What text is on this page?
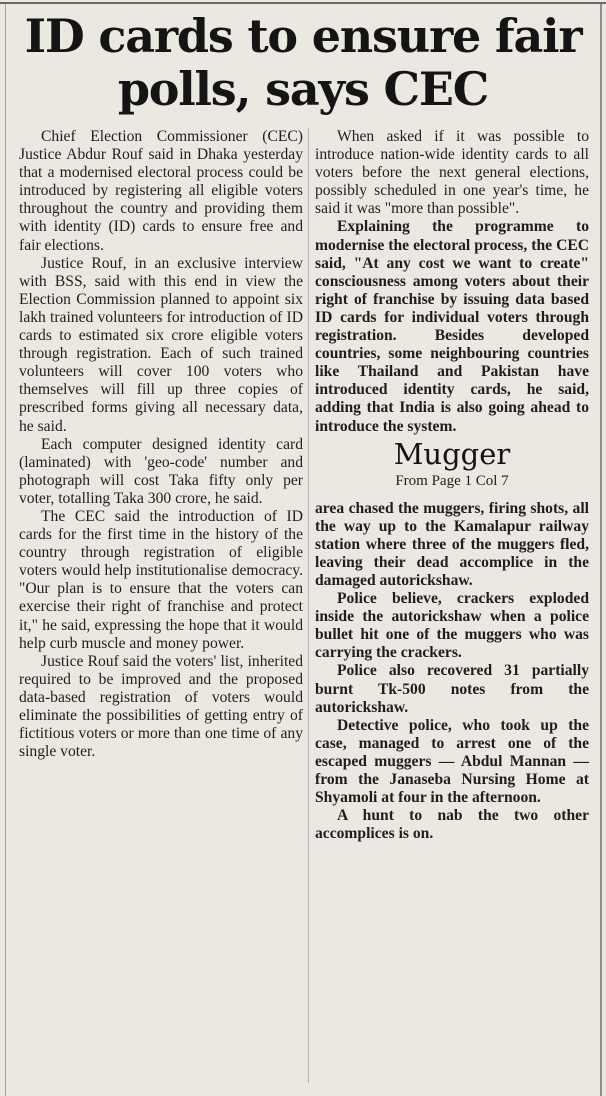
ID cards to ensure fair polls, says CEC

Chief Election Commissioner (CEC) Justice Abdur Rouf said in Dhaka yesterday that a modernised electoral process could be introduced by registering all eligible voters throughout the country and providing them with identity (ID) cards to ensure free and fair elections.

Justice Rouf, in an exclusive interview with BSS, said with this end in view the Election Commission planned to appoint six lakh trained volunteers for introduction of ID cards to estimated six crore eligible voters through registration. Each of such trained volunteers will cover 100 voters who themselves will fill up three copies of prescribed forms giving all necessary data, he said.

Each computer designed identity card (laminated) with 'geo-code' number and photograph will cost Taka fifty only per voter, totalling Taka 300 crore, he said.

The CEC said the introduction of ID cards for the first time in the history of the country through registration of eligible voters would help institutionalise democracy. "Our plan is to ensure that the voters can exercise their right of franchise and protect it," he said, expressing the hope that it would help curb muscle and money power.

Justice Rouf said the voters' list, inherited required to be improved and the proposed data-based registration of voters would eliminate the possibilities of getting entry of fictitious voters or more than one time of any single voter.

When asked if it was possible to introduce nation-wide identity cards to all voters before the next general elections, possibly scheduled in one year's time, he said it was "more than possible".

Explaining the programme to modernise the electoral process, the CEC said, "At any cost we want to create" consciousness among voters about their right of franchise by issuing data based ID cards for individual voters through registration. Besides developed countries, some neighbouring countries like Thailand and Pakistan have introduced identity cards, he said, adding that India is also going ahead to introduce the system.

Mugger

From Page 1 Col 7

area chased the muggers, firing shots, all the way up to the Kamalapur railway station where three of the muggers fled, leaving their dead accomplice in the damaged autorickshaw.

Police believe, crackers exploded inside the autorickshaw when a police bullet hit one of the muggers who was carrying the crackers.

Police also recovered 31 partially burnt Tk-500 notes from the autorickshaw.

Detective police, who took up the case, managed to arrest one of the escaped muggers — Abdul Mannan — from the Janaseba Nursing Home at Shyamoli at four in the afternoon.

A hunt to nab the two other accomplices is on.
